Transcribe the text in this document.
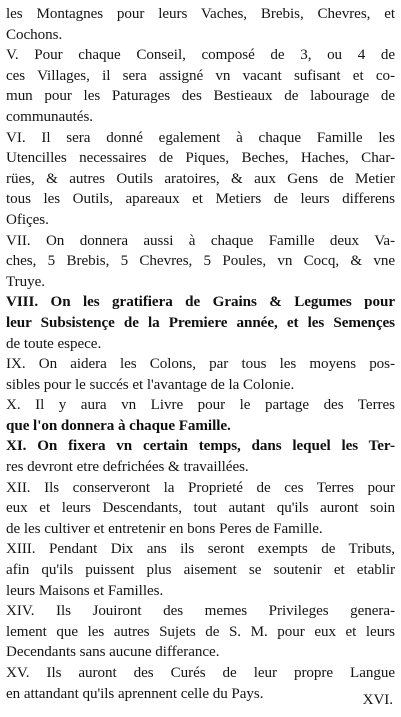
les Montagnes pour leurs Vaches, Brebis, Chevres, et
Cochons.
V. Pour chaque Conseil, composé de 3, ou 4 de
ces Villages, il sera assigné vn vacant sufisant et co-
mun pour les Paturages des Bestieaux de labourage de
communautés.
VI. Il sera donné egalement à chaque Famille les
Utencilles necessaires de Piques, Beches, Haches, Char-
rües, & autres Outils aratoires, & aux Gens de Metier
tous les Outils, apareaux et Metiers de leurs differens
Ofiçes.
VII. On donnera aussi à chaque Famille deux Va-
ches, 5 Brebis, 5 Chevres, 5 Poules, vn Cocq, & vne
Truye.
VIII. On les gratifiera de Grains & Legumes pour
leur Subsistençe de la Premiere année, et les Semençes
de toute espece.
IX. On aidera les Colons, par tous les moyens pos-
sibles pour le succés et l'avantage de la Colonie.
X. Il y aura vn Livre pour le partage des Terres
que l'on donnera à chaque Famille.
XI. On fixera vn certain temps, dans lequel les Ter-
res devront etre defrichées & travaillées.
XII. Ils conserveront la Proprieté de ces Terres pour
eux et leurs Descendants, tout autant qu'ils auront soin
de les cultiver et entretenir en bons Peres de Famille.
XIII. Pendant Dix ans ils seront exempts de Tributs,
afin qu'ils puissent plus aisement se soutenir et etablir
leurs Maisons et Familles.
XIV. Ils Jouiront des memes Privileges genera-
lement que les autres Sujets de S. M. pour eux et leurs
Decendants sans aucune differance.
XV. Ils auront des Curés de leur propre Langue
en attandant qu'ils aprennent celle du Pays.	XVI.
